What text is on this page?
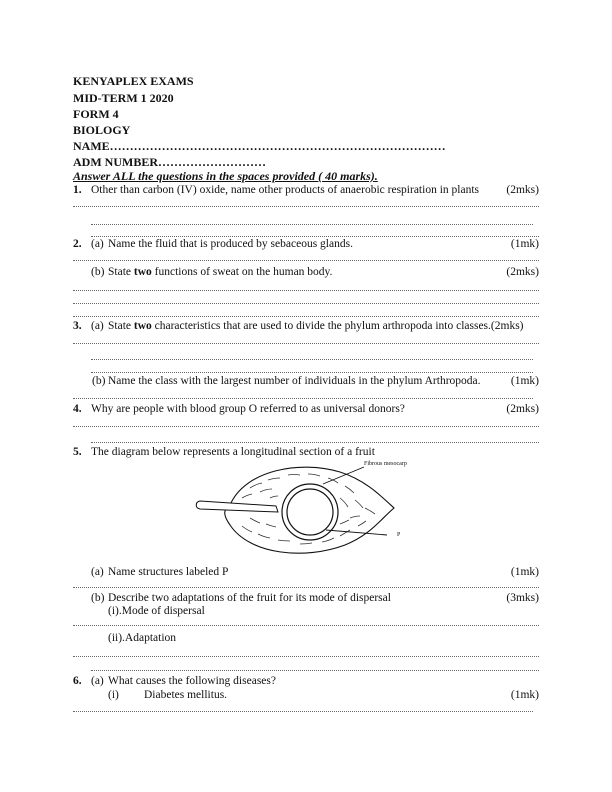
KENYAPLEX EXAMS
MID-TERM 1 2020
FORM 4
BIOLOGY
NAME…………………………………………………………………………
ADM NUMBER………………………
Answer ALL the questions in the spaces provided ( 40 marks).
1. Other than carbon (IV) oxide, name other products of anaerobic respiration in plants (2mks)
2. (a) Name the fluid that is produced by sebaceous glands.	(1mk)
(b) State two functions of sweat on the human body.	(2mks)
3. (a) State two characteristics that are used to divide the phylum arthropoda into classes.(2mks)
(b) Name the class with the largest number of individuals in the phylum Arthropoda.	(1mk)
4. Why are people with blood group O referred to as universal donors?	(2mks)
5. The diagram below represents a longitudinal section of a fruit
Fibrous mesocarp
P
(a) Name structures labeled P	(1mk)
(b) Describe two adaptations of the fruit for its mode of dispersal	(3mks)
(i).Mode of dispersal
(ii).Adaptation
6. (a) What causes the following diseases?
(i) Diabetes mellitus.	(1mk)
